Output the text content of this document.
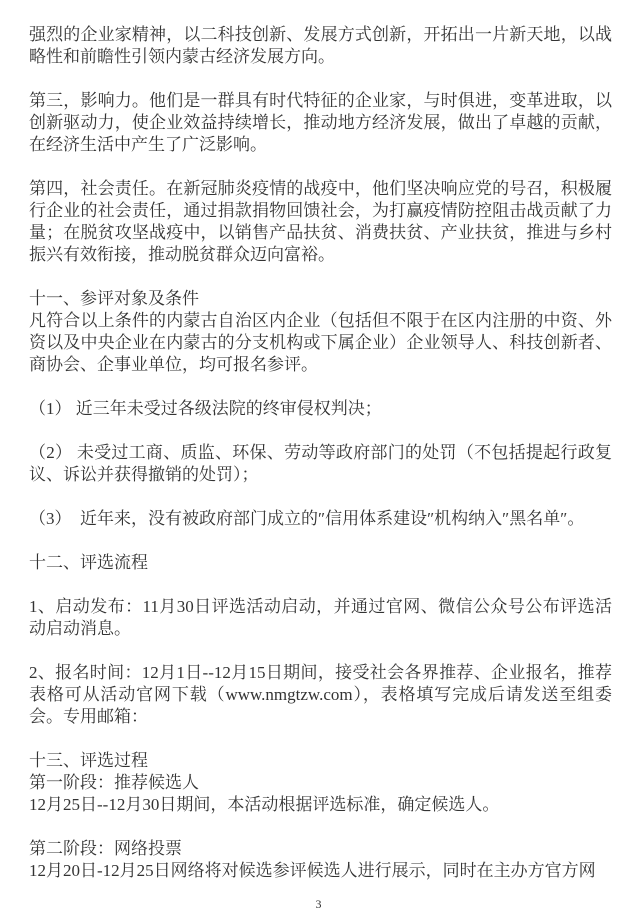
强烈的企业家精神，以二科技创新、发展方式创新，开拓出一片新天地，以战略性和前瞻性引领内蒙古经济发展方向。

第三，影响力。他们是一群具有时代特征的企业家，与时俱进，变革进取，以创新驱动力，使企业效益持续增长，推动地方经济发展，做出了卓越的贡献，在经济生活中产生了广泛影响。

第四，社会责任。在新冠肺炎疫情的战疫中，他们坚决响应党的号召，积极履行企业的社会责任，通过捐款捐物回馈社会，为打赢疫情防控阻击战贡献了力量；在脱贫攻坚战疫中，以销售产品扶贫、消费扶贫、产业扶贫，推进与乡村振兴有效衔接，推动脱贫群众迈向富裕。

十一、参评对象及条件

凡符合以上条件的内蒙古自治区内企业（包括但不限于在区内注册的中资、外资以及中央企业在内蒙古的分支机构或下属企业）企业领导人、科技创新者、商协会、企事业单位，均可报名参评。

（1） 近三年未受过各级法院的终审侵权判决；

（2） 未受过工商、质监、环保、劳动等政府部门的处罚（不包括提起行政复议、诉讼并获得撤销的处罚）；

（3）  近年来，没有被政府部门成立的″信用体系建设″机构纳入″黑名单″。

十二、评选流程

1、启动发布：11月30日评选活动启动，并通过官网、微信公众号公布评选活动启动消息。

2、报名时间：12月1日--12月15日期间，接受社会各界推荐、企业报名，推荐表格可从活动官网下载（www.nmgtzw.com），表格填写完成后请发送至组委会。专用邮箱：

十三、评选过程

第一阶段：推荐候选人

12月25日--12月30日期间，本活动根据评选标准，确定候选人。

第二阶段：网络投票

12月20日-12月25日网络将对候选参评候选人进行展示，同时在主办方官方网

3
